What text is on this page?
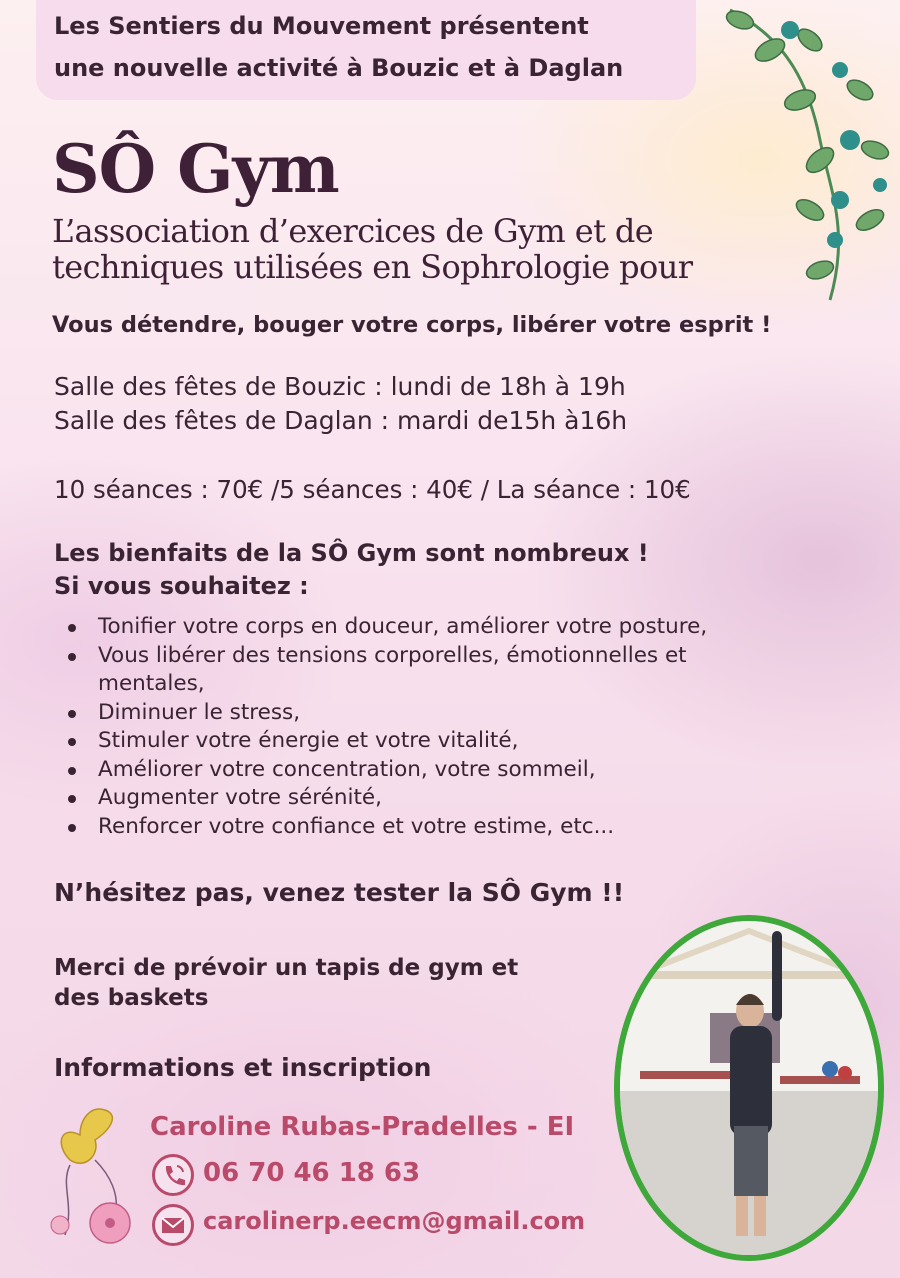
Les Sentiers du Mouvement présentent
une nouvelle activité à Bouzic et à Daglan
SÔ Gym
L’association d’exercices de Gym et de
techniques utilisées en Sophrologie pour
Vous détendre, bouger votre corps, libérer votre esprit !
Salle des fêtes de Bouzic : lundi de 18h à 19h
Salle des fêtes de Daglan : mardi de15h à16h
10 séances : 70€ /5 séances : 40€ / La séance : 10€
Les bienfaits de la SÔ Gym sont nombreux !
Si vous souhaitez :
Tonifier votre corps en douceur, améliorer votre posture,
Vous libérer des tensions corporelles, émotionnelles et mentales,
Diminuer le stress,
Stimuler votre énergie et votre vitalité,
Améliorer votre concentration, votre sommeil,
Augmenter votre sérénité,
Renforcer votre confiance et votre estime, etc...
N’hésitez pas, venez tester la SÔ Gym !!
Merci de prévoir un tapis de gym et
des baskets
Informations et inscription
Caroline Rubas-Pradelles - EI
06 70 46 18 63
carolinerp.eecm@gmail.com
